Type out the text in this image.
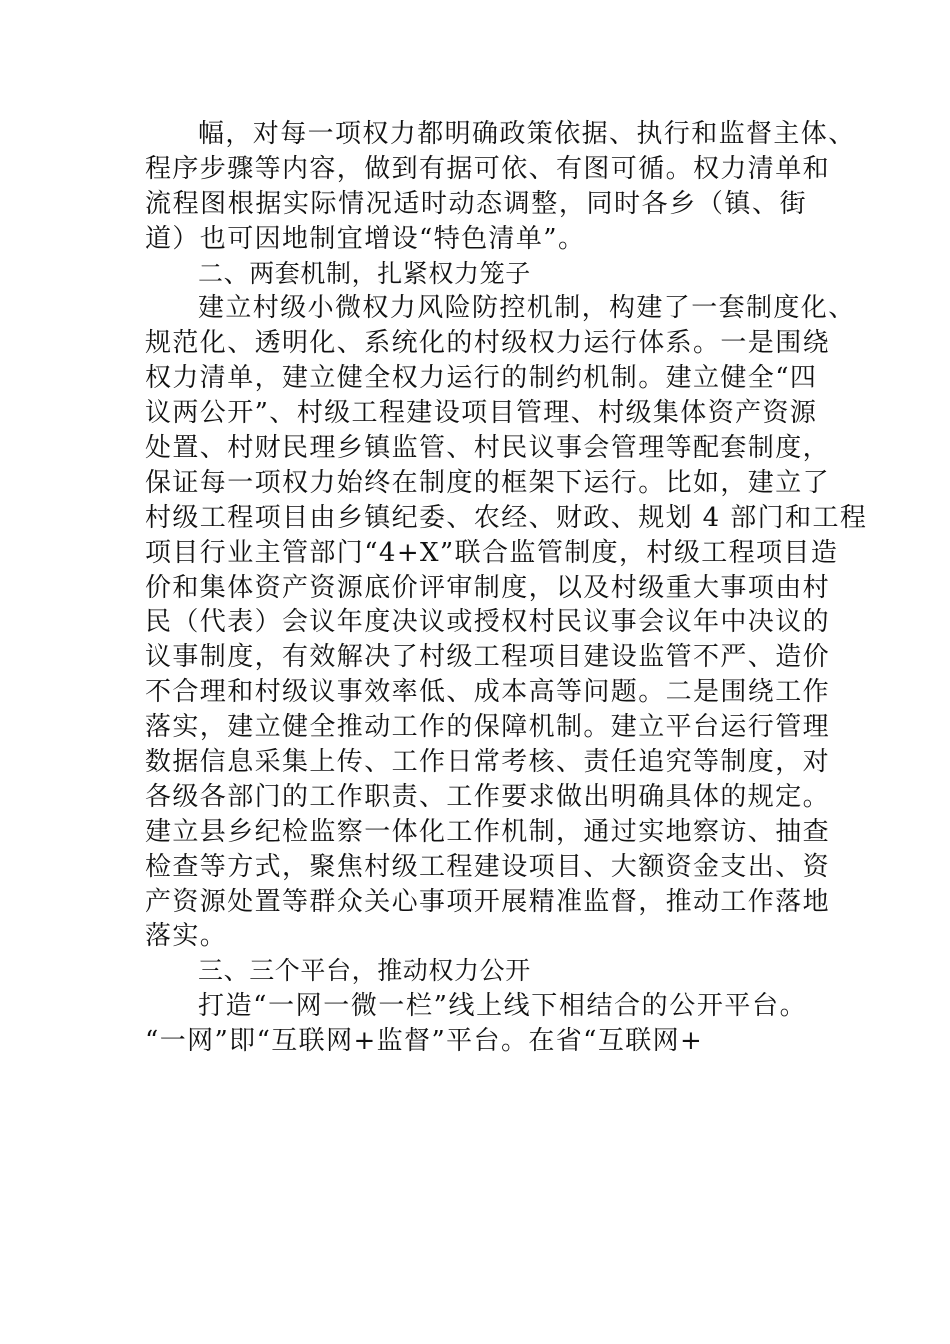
幅，对每一项权力都明确政策依据、执行和监督主体、
程序步骤等内容，做到有据可依、有图可循。权力清单和
流程图根据实际情况适时动态调整，同时各乡（镇、街
道）也可因地制宜增设“特色清单”。
二、两套机制，扎紧权力笼子
建立村级小微权力风险防控机制，构建了一套制度化、
规范化、透明化、系统化的村级权力运行体系。一是围绕
权力清单，建立健全权力运行的制约机制。建立健全“四
议两公开”、村级工程建设项目管理、村级集体资产资源
处置、村财民理乡镇监管、村民议事会管理等配套制度，
保证每一项权力始终在制度的框架下运行。比如，建立了
村级工程项目由乡镇纪委、农经、财政、规划 4 部门和工程
项目行业主管部门“4+X”联合监管制度，村级工程项目造
价和集体资产资源底价评审制度，以及村级重大事项由村
民（代表）会议年度决议或授权村民议事会议年中决议的
议事制度，有效解决了村级工程项目建设监管不严、造价
不合理和村级议事效率低、成本高等问题。二是围绕工作
落实，建立健全推动工作的保障机制。建立平台运行管理
数据信息采集上传、工作日常考核、责任追究等制度，对
各级各部门的工作职责、工作要求做出明确具体的规定。
建立县乡纪检监察一体化工作机制，通过实地察访、抽查
检查等方式，聚焦村级工程建设项目、大额资金支出、资
产资源处置等群众关心事项开展精准监督，推动工作落地
落实。
三、三个平台，推动权力公开
打造“一网一微一栏”线上线下相结合的公开平台。
“一网”即“互联网+监督”平台。在省“互联网+
